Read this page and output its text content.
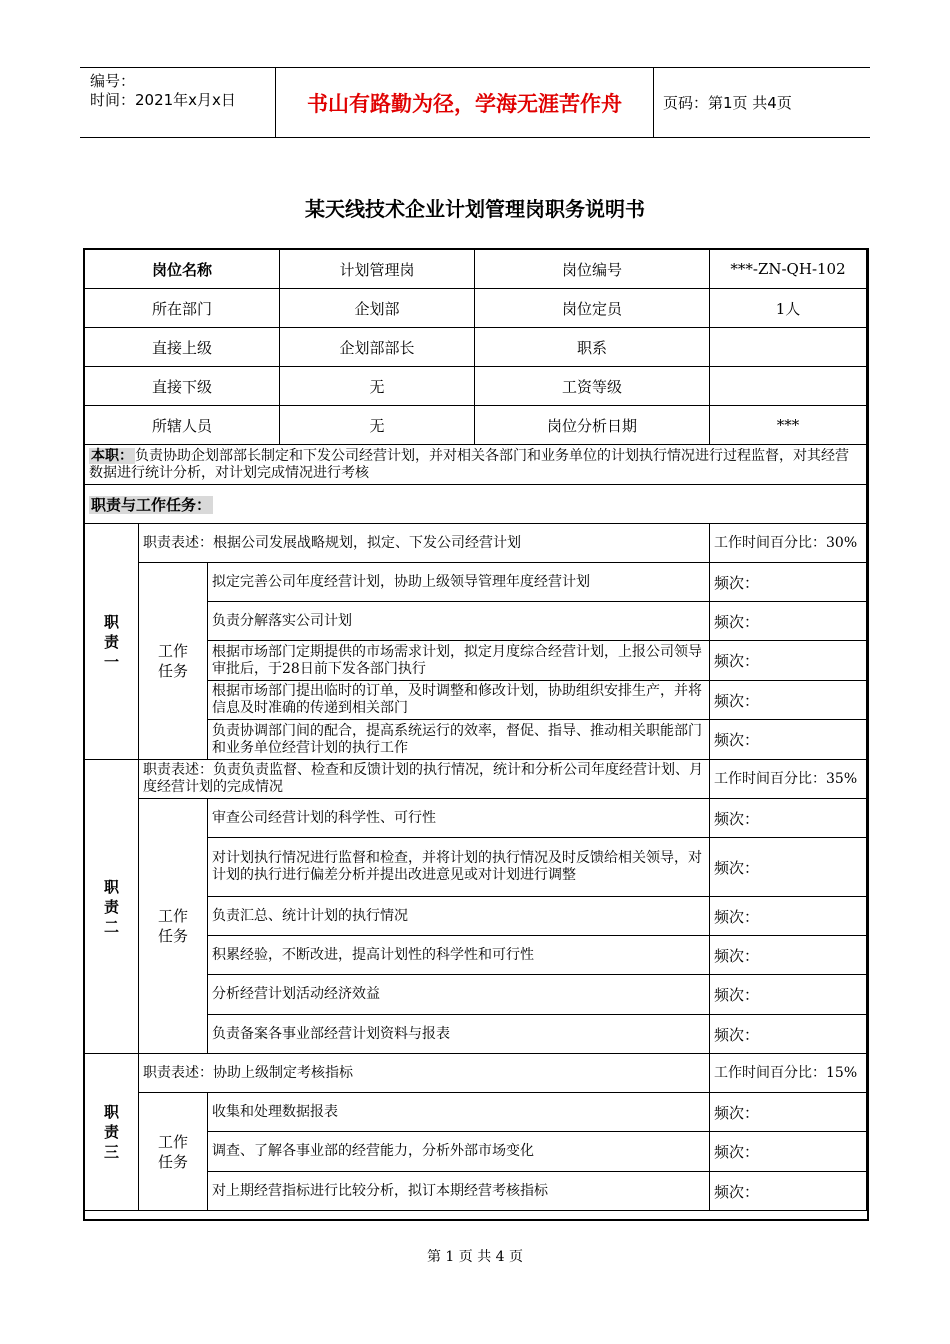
编号：
时间：2021年x月x日	书山有路勤为径，学海无涯苦作舟	页码：第1页 共4页
某天线技术企业计划管理岗职务说明书
岗位名称			计划管理岗	岗位编号	***-ZN-QH-102
所在部门			企划部	岗位定员	1人
直接上级			企划部部长	职系	
直接下级			无	工资等级	
所辖人员			无	岗位分析日期	***
本职： 负责协助企划部部长制定和下发公司经营计划，并对相关各部门和业务单位的计划执行情况进行过程监督，对其经营数据进行统计分析，对计划完成情况进行考核					
职责与工作任务：					

职
责
一	职责表述：根据公司发展战略规划，拟定、下发公司经营计划				工作时间百分比：30%
	工作任务	拟定完善公司年度经营计划，协助上级领导管理年度经营计划			频次：
		负责分解落实公司计划			频次：
		根据市场部门定期提供的市场需求计划，拟定月度综合经营计划，上报公司领导审批后，于28日前下发各部门执行			频次：
		根据市场部门提出临时的订单，及时调整和修改计划，协助组织安排生产，并将信息及时准确的传递到相关部门			频次：
		负责协调部门间的配合，提高系统运行的效率，督促、指导、推动相关职能部门和业务单位经营计划的执行工作			频次：

职
责
二	职责表述：负责负责监督、检查和反馈计划的执行情况，统计和分析公司年度经营计划、月度经营计划的完成情况				工作时间百分比：35%
	工作任务	审查公司经营计划的科学性、可行性			频次：
		对计划执行情况进行监督和检查，并将计划的执行情况及时反馈给相关领导，对计划的执行进行偏差分析并提出改进意见或对计划进行调整			频次：
		负责汇总、统计计划的执行情况			频次：
		积累经验，不断改进，提高计划性的科学性和可行性			频次：
		分析经营计划活动经济效益			频次：
		负责备案各事业部经营计划资料与报表			频次：

职
责
三	职责表述：协助上级制定考核指标				工作时间百分比：15%
	工作任务	收集和处理数据报表			频次：
		调查、了解各事业部的经营能力，分析外部市场变化			频次：
		对上期经营指标进行比较分析，拟订本期经营考核指标			频次：
第 1 页 共 4 页
